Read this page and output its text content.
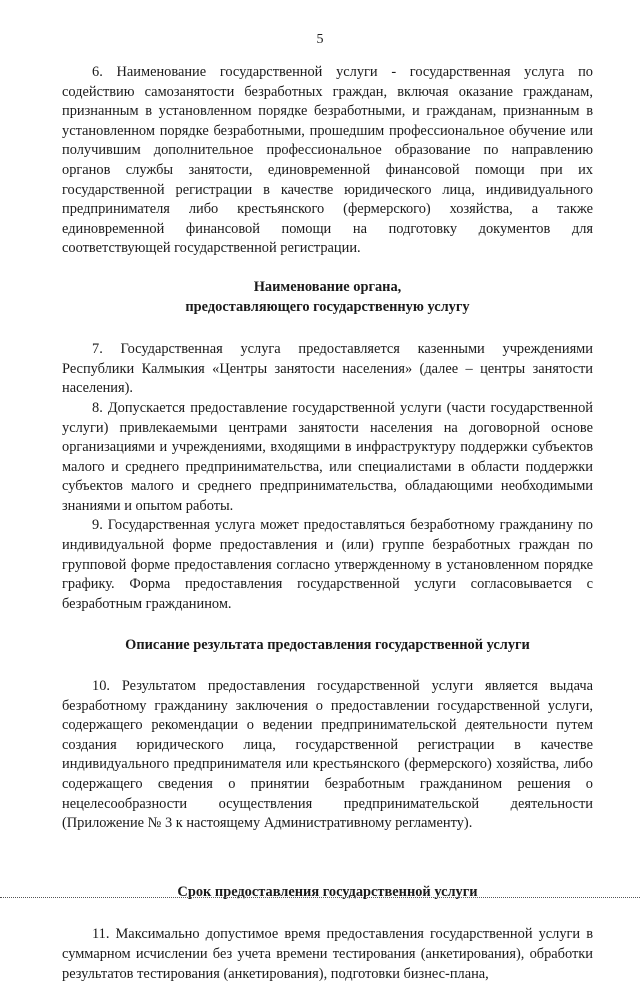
5

6. Наименование государственной услуги - государственная услуга по содействию самозанятости безработных граждан, включая оказание гражданам, признанным в установленном порядке безработными, и гражданам, признанным в установленном порядке безработными, прошедшим профессиональное обучение или получившим дополнительное профессиональное образование по направлению органов службы занятости, единовременной финансовой помощи при их государственной регистрации в качестве юридического лица, индивидуального предпринимателя либо крестьянского (фермерского) хозяйства, а также единовременной финансовой помощи на подготовку документов для соответствующей государственной регистрации.

Наименование органа,
предоставляющего государственную услугу

7. Государственная услуга предоставляется казенными учреждениями Республики Калмыкия «Центры занятости населения» (далее – центры занятости населения).

8. Допускается предоставление государственной услуги (части государственной услуги) привлекаемыми центрами занятости населения на договорной основе организациями и учреждениями, входящими в инфраструктуру поддержки субъектов малого и среднего предпринимательства, или специалистами в области поддержки субъектов малого и среднего предпринимательства, обладающими необходимыми знаниями и опытом работы.

9. Государственная услуга может предоставляться безработному гражданину по индивидуальной форме предоставления и (или) группе безработных граждан по групповой форме предоставления согласно утвержденному в установленном порядке графику. Форма предоставления государственной услуги согласовывается с безработным гражданином.

Описание результата предоставления государственной услуги

10. Результатом предоставления государственной услуги является выдача безработному гражданину заключения о предоставлении государственной услуги, содержащего рекомендации о ведении предпринимательской деятельности путем создания юридического лица, государственной регистрации в качестве индивидуального предпринимателя или крестьянского (фермерского) хозяйства, либо содержащего сведения о принятии безработным гражданином решения о нецелесообразности осуществления предпринимательской деятельности (Приложение № 3 к настоящему Административному регламенту).

Срок предоставления государственной услуги

11. Максимально допустимое время предоставления государственной услуги в суммарном исчислении без учета времени тестирования (анкетирования), обработки результатов тестирования (анкетирования), подготовки бизнес-плана,
